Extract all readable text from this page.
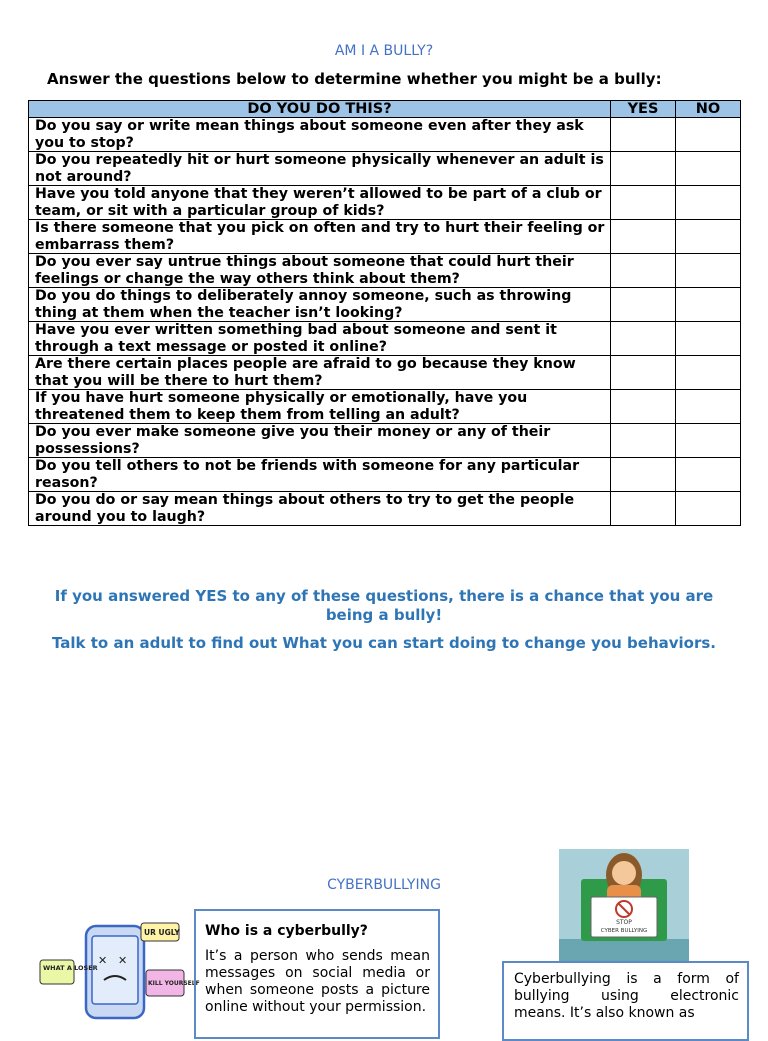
AM I A BULLY?
Answer the questions below to determine whether you might be a bully:
DO YOU DO THIS?	YES	NO
Do you say or write mean things about someone even after they ask you to stop?		
Do you repeatedly hit or hurt someone physically whenever an adult is not around?		
Have you told anyone that they weren’t allowed to be part of a club or team, or sit with a particular group of kids?		
Is there someone that you pick on often and try to hurt their feeling or embarrass them?		
Do you ever say untrue things about someone that could hurt their feelings or change the way others think about them?		
Do you do things to deliberately annoy someone, such as throwing thing at them when the teacher isn’t looking?		
Have you ever written something bad about someone and sent it through a text message or posted it online?		
Are there certain places people are afraid to go because they know that you will be there to hurt them?		
If you have hurt someone physically or emotionally, have you threatened them to keep them from telling an adult?		
Do you ever make someone give you their money or any of their possessions?		
Do you tell others to not be friends with someone for any particular reason?		
Do you do or say mean things about others to try to get the people around you to laugh?		
If you answered YES to any of these questions, there is a chance that you are being a bully!
Talk to an adult to find out What you can start doing to change you behaviors.
CYBERBULLYING
✕ ✕
UR UGLY
WHAT A LOSER
KILL YOURSELF
Who is a cyberbully?
It’s a person who sends mean messages on social media or when someone posts a picture online without your permission.
STOP
CYBER BULLYING
Cyberbullying is a form of bullying using electronic means. It’s also known as
